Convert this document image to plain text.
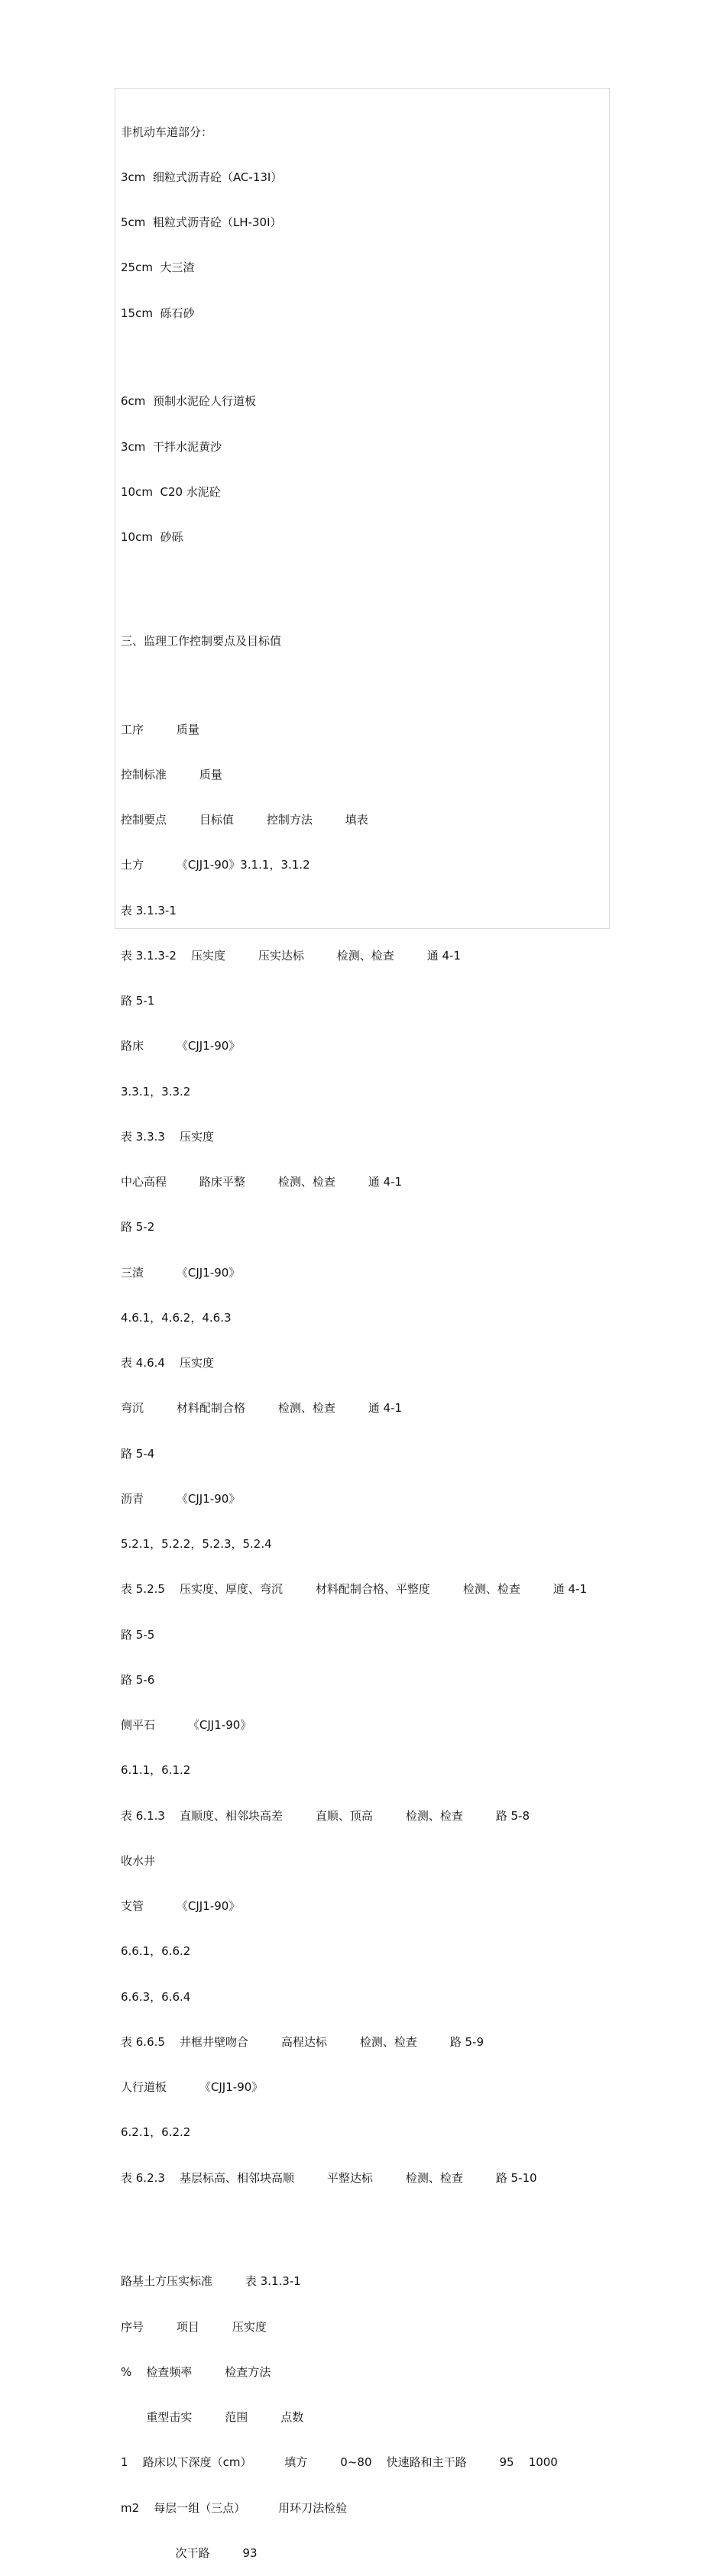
非机动车道部分：

3cm  细粒式沥青砼（AC-13Ⅰ）

5cm  粗粒式沥青砼（LH-30Ⅰ）

25cm  大三渣

15cm  砾石砂

6cm  预制水泥砼人行道板

3cm  干拌水泥黄沙

10cm  C20 水泥砼

10cm  砂砾

三、监理工作控制要点及目标值

工序         质量

控制标准         质量

控制要点         目标值         控制方法         填表

土方         《CJJ1-90》3.1.1，3.1.2

表 3.1.3-1

表 3.1.3-2    压实度         压实达标         检测、检查         通 4-1

路 5-1

路床         《CJJ1-90》

3.3.1，3.3.2

表 3.3.3    压实度

中心高程         路床平整         检测、检查         通 4-1

路 5-2

三渣         《CJJ1-90》

4.6.1，4.6.2，4.6.3

表 4.6.4    压实度

弯沉         材料配制合格         检测、检查         通 4-1

路 5-4

沥青         《CJJ1-90》

5.2.1，5.2.2，5.2.3，5.2.4

表 5.2.5    压实度、厚度、弯沉         材料配制合格、平整度         检测、检查         通 4-1

路 5-5

路 5-6

侧平石         《CJJ1-90》

6.1.1，6.1.2

表 6.1.3    直顺度、相邻块高差         直顺、顶高         检测、检查         路 5-8

收水井

支管         《CJJ1-90》

6.6.1，6.6.2

6.6.3，6.6.4

表 6.6.5    井框井壁吻合         高程达标         检测、检查         路 5-9

人行道板         《CJJ1-90》

6.2.1，6.2.2

表 6.2.3    基层标高、相邻块高顺         平整达标         检测、检查         路 5-10

路基土方压实标准         表 3.1.3-1

序号         项目         压实度

%    检查频率         检查方法

重型击实         范围         点数

1    路床以下深度（cm）         填方         0~80    快速路和主干路         95    1000

m2    每层一组（三点）         用环刀法检验

次干路         93
